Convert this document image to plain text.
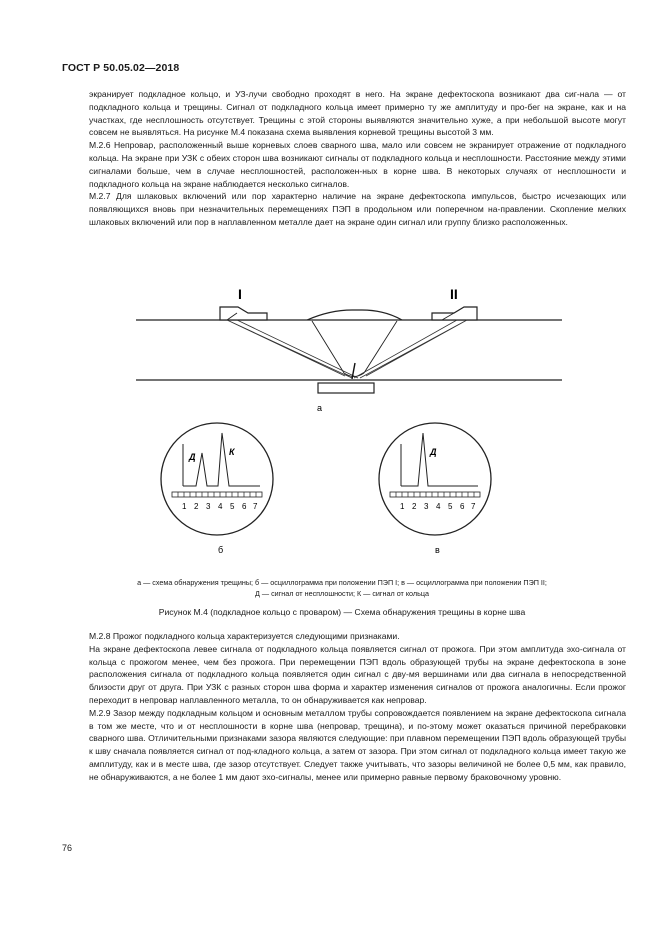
ГОСТ Р 50.05.02—2018

экранирует подкладное кольцо, и УЗ-лучи свободно проходят в него. На экране дефектоскопа возникают два сиг-нала — от подкладного кольца и трещины. Сигнал от подкладного кольца имеет примерно ту же амплитуду и про-бег на экране, как и на участках, где несплошность отсутствует. Трещины с этой стороны выявляются значительно хуже, а при небольшой высоте могут совсем не выявляться. На рисунке М.4 показана схема выявления корневой трещины высотой 3 мм.

М.2.6 Непровар, расположенный выше корневых слоев сварного шва, мало или совсем не экранирует отражение от подкладного кольца. На экране при УЗК с обеих сторон шва возникают сигналы от подкладного кольца и несплошности. Расстояние между этими сигналами больше, чем в случае несплошностей, расположен-ных в корне шва. В некоторых случаях от несплошности и подкладного кольца на экране наблюдается несколько сигналов.

М.2.7 Для шлаковых включений или пор характерно наличие на экране дефектоскопа импульсов, быстро исчезающих или появляющихся вновь при незначительных перемещениях ПЭП в продольном или поперечном на-правлении. Скопление мелких шлаковых включений или пор в наплавленном металле дает на экране один сигнал или группу близко расположенных.

I	II
а
Д	К
1 2 3 4 5 6 7
б
Д
1 2 3 4 5 6 7
в
а — схема обнаружения трещины; б — осциллограмма при положении ПЭП I; в — осциллограмма при положении ПЭП II;
Д — сигнал от несплошности; К — сигнал от кольца
Рисунок М.4 (подкладное кольцо с проваром) — Схема обнаружения трещины в корне шва

М.2.8 Прожог подкладного кольца характеризуется следующими признаками.

На экране дефектоскопа левее сигнала от подкладного кольца появляется сигнал от прожога. При этом амплитуда эхо-сигнала от кольца с прожогом менее, чем без прожога. При перемещении ПЭП вдоль образующей трубы на экране дефектоскопа в зоне расположения сигнала от подкладного кольца появляется один сигнал с дву-мя вершинами или два сигнала в непосредственной близости друг от друга. При УЗК с разных сторон шва форма и характер изменения сигналов от прожога аналогичны. Если прожог переходит в непровар наплавленного металла, то он обнаруживается как непровар.

М.2.9 Зазор между подкладным кольцом и основным металлом трубы сопровождается появлением на экране дефектоскопа сигнала в том же месте, что и от несплошности в корне шва (непровар, трещина), и по-этому может оказаться причиной перебраковки сварного шва. Отличительными признаками зазора являются следующие: при плавном перемещении ПЭП вдоль образующей трубы к шву сначала появляется сигнал от под-кладного кольца, а затем от зазора. При этом сигнал от подкладного кольца имеет такую же амплитуду, как и в месте шва, где зазор отсутствует. Следует также учитывать, что зазоры величиной не более 0,5 мм, как правило, не обнаруживаются, а не более 1 мм дают эхо-сигналы, менее или примерно равные первому браковочному уровню.

76
